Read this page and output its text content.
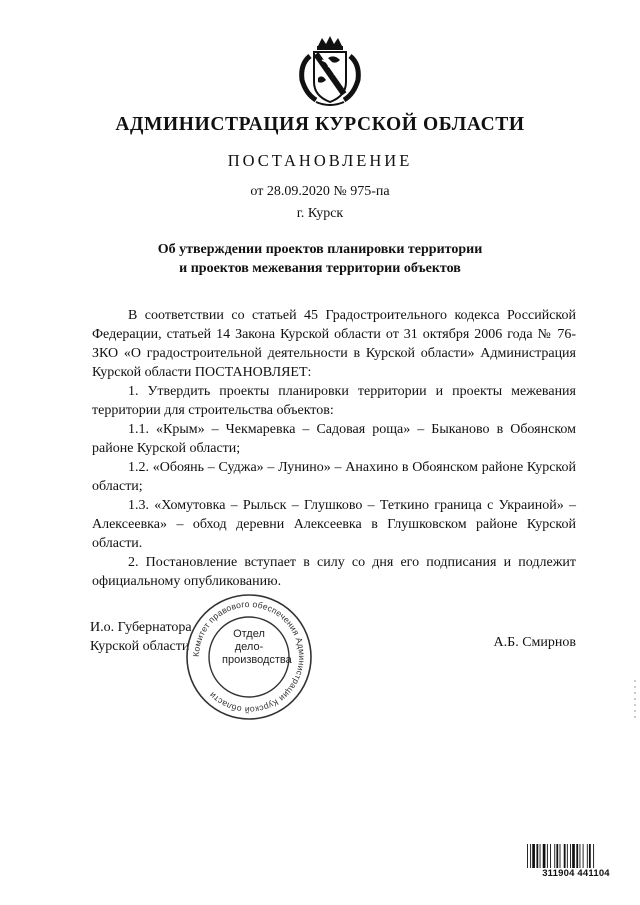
АДМИНИСТРАЦИЯ КУРСКОЙ ОБЛАСТИ
ПОСТАНОВЛЕНИЕ
от 28.09.2020 № 975-па
г. Курск
Об утверждении проектов планировки территории
и проектов межевания территории объектов

В соответствии со статьей 45 Градостроительного кодекса Российской Федерации, статьей 14 Закона Курской области от 31 октября 2006 года № 76-ЗКО «О градостроительной деятельности в Курской области» Администрация Курской области ПОСТАНОВЛЯЕТ:

1. Утвердить проекты планировки территории и проекты межевания территории для строительства объектов:

1.1. «Крым» – Чекмаревка – Садовая роща» – Быканово в Обоянском районе Курской области;

1.2. «Обоянь – Суджа» – Лунино» – Анахино в Обоянском районе Курской области;

1.3. «Хомутовка – Рыльск – Глушково – Теткино граница с Украиной» – Алексеевка» – обход деревни Алексеевка в Глушковском районе Курской области.

2. Постановление вступает в силу со дня его подписания и подлежит официальному опубликованию.

И.о. Губернатора
Курской области	А.Б. Смирнов
Комитет правового обеспечения Администрации Курской области
Отдел
дело-
производства
311904 441104
